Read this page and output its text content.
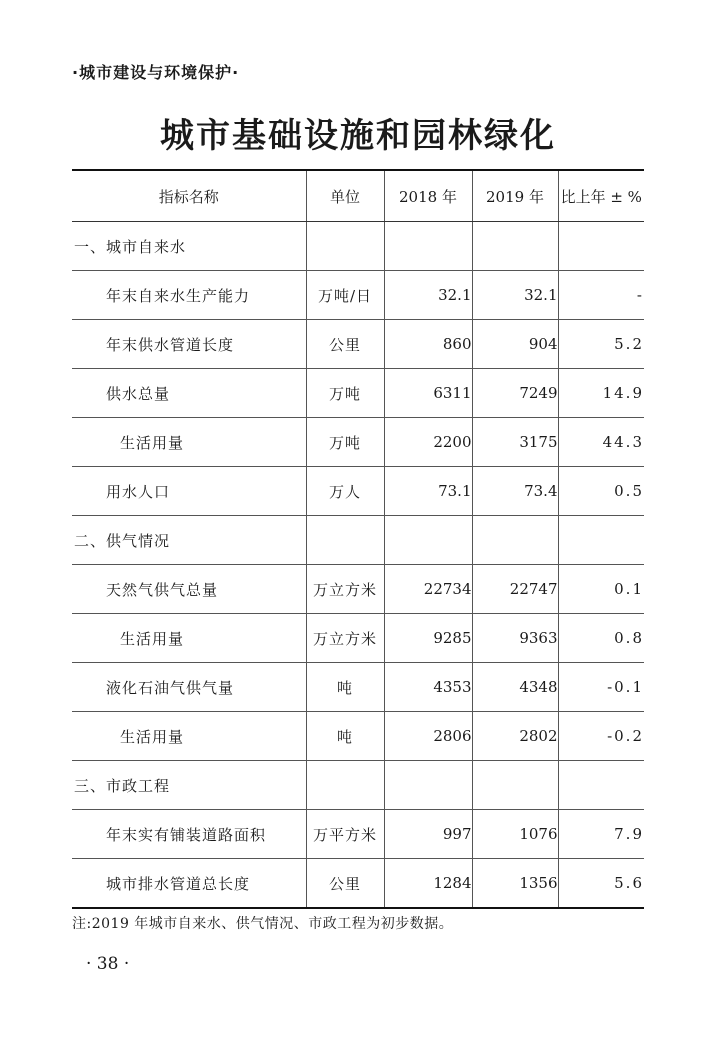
·城市建设与环境保护·
城市基础设施和园林绿化
指标名称	单位	2018 年	2019 年	比上年 ± %
一、城市自来水				
年末自来水生产能力	万吨/日	32.1	32.1	-
年末供水管道长度	公里	860	904	5.2
供水总量	万吨	6311	7249	14.9
生活用量	万吨	2200	3175	44.3
用水人口	万人	73.1	73.4	0.5
二、供气情况				
天然气供气总量	万立方米	22734	22747	0.1
生活用量	万立方米	9285	9363	0.8
液化石油气供气量	吨	4353	4348	-0.1
生活用量	吨	2806	2802	-0.2
三、市政工程				
年末实有铺装道路面积	万平方米	997	1076	7.9
城市排水管道总长度	公里	1284	1356	5.6
注:2019 年城市自来水、供气情况、市政工程为初步数据。
· 38 ·
